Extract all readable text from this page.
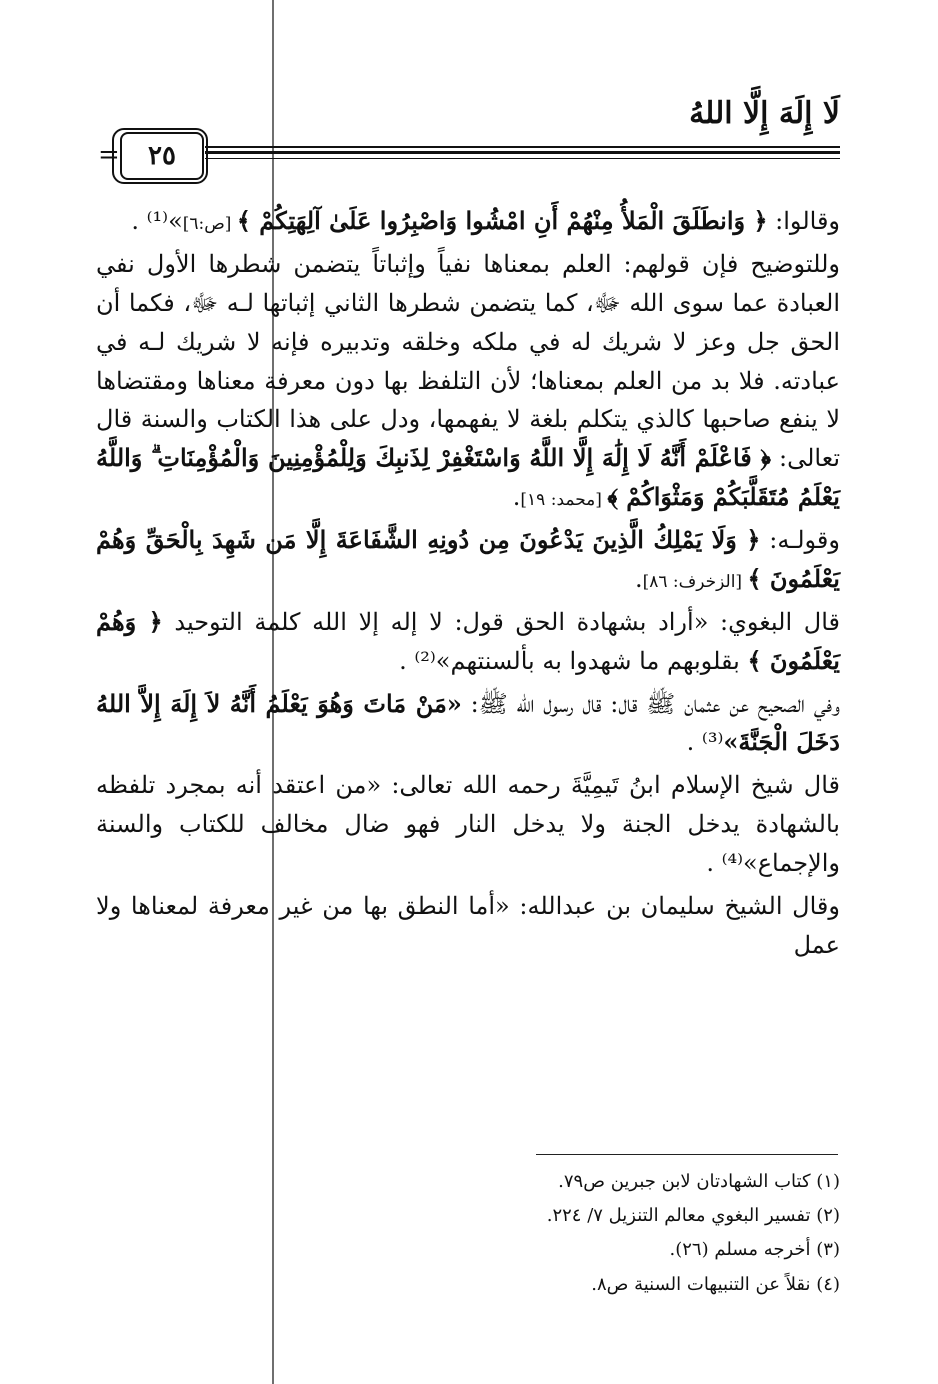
لَا إِلَهَ إِلَّا اللهُ
=	٢٥

وقالوا: ﴿ وَانطَلَقَ الْمَلأُ مِنْهُمْ أَنِ امْشُوا وَاصْبِرُوا عَلَىٰ آلِهَتِكُمْ ﴾ [ص:٦]»⁽¹⁾ .

وللتوضيح فإن قولهم: العلم بمعناها نفياً وإثباتاً يتضمن شطرها الأول نفي العبادة عما سوى الله ﷻ، كما يتضمن شطرها الثاني إثباتها لـه ﷻ، فكما أن الحق جل وعز لا شريك له في ملكه وخلقه وتدبيره فإنه لا شريك لـه في عبادته. فلا بد من العلم بمعناها؛ لأن التلفظ بها دون معرفة معناها ومقتضاها لا ينفع صاحبها كالذي يتكلم بلغة لا يفهمها، ودل على هذا الكتاب والسنة قال تعالى: ﴿ فَاعْلَمْ أَنَّهُ لَا إِلَٰهَ إِلَّا اللَّهُ وَاسْتَغْفِرْ لِذَنبِكَ وَلِلْمُؤْمِنِينَ وَالْمُؤْمِنَاتِ ۗ وَاللَّهُ يَعْلَمُ مُتَقَلَّبَكُمْ وَمَثْوَاكُمْ ﴾ [محمد: ١٩].

وقولـه: ﴿ وَلَا يَمْلِكُ الَّذِينَ يَدْعُونَ مِن دُونِهِ الشَّفَاعَةَ إِلَّا مَن شَهِدَ بِالْحَقِّ وَهُمْ يَعْلَمُونَ ﴾ [الزخرف: ٨٦].

قال البغوي: «أراد بشهادة الحق قول: لا إله إلا الله كلمة التوحيد ﴿ وَهُمْ يَعْلَمُونَ ﴾ بقلوبهم ما شهدوا به بألسنتهم»⁽²⁾ .

وفي الصحيح عن عثمان ﷺ قال: قال رسول الله ﷺ: «مَنْ مَاتَ وَهُوَ يَعْلَمُ أَنَّهُ لاَ إِلَهَ إِلاَّ اللهُ دَخَلَ الْجَنَّةَ»⁽³⁾ .

قال شيخ الإسلام ابنُ تَيمِيَّةَ رحمه الله تعالى: «من اعتقد أنه بمجرد تلفظه بالشهادة يدخل الجنة ولا يدخل النار فهو ضال مخالف للكتاب والسنة والإجماع»⁽⁴⁾ .

وقال الشيخ سليمان بن عبدالله: «أما النطق بها من غير معرفة لمعناها ولا عمل

(١) كتاب الشهادتان لابن جبرين ص٧٩.
(٢) تفسير البغوي معالم التنزيل ٧/ ٢٢٤.
(٣) أخرجه مسلم (٢٦).
(٤) نقلاً عن التنبيهات السنية ص٨.
